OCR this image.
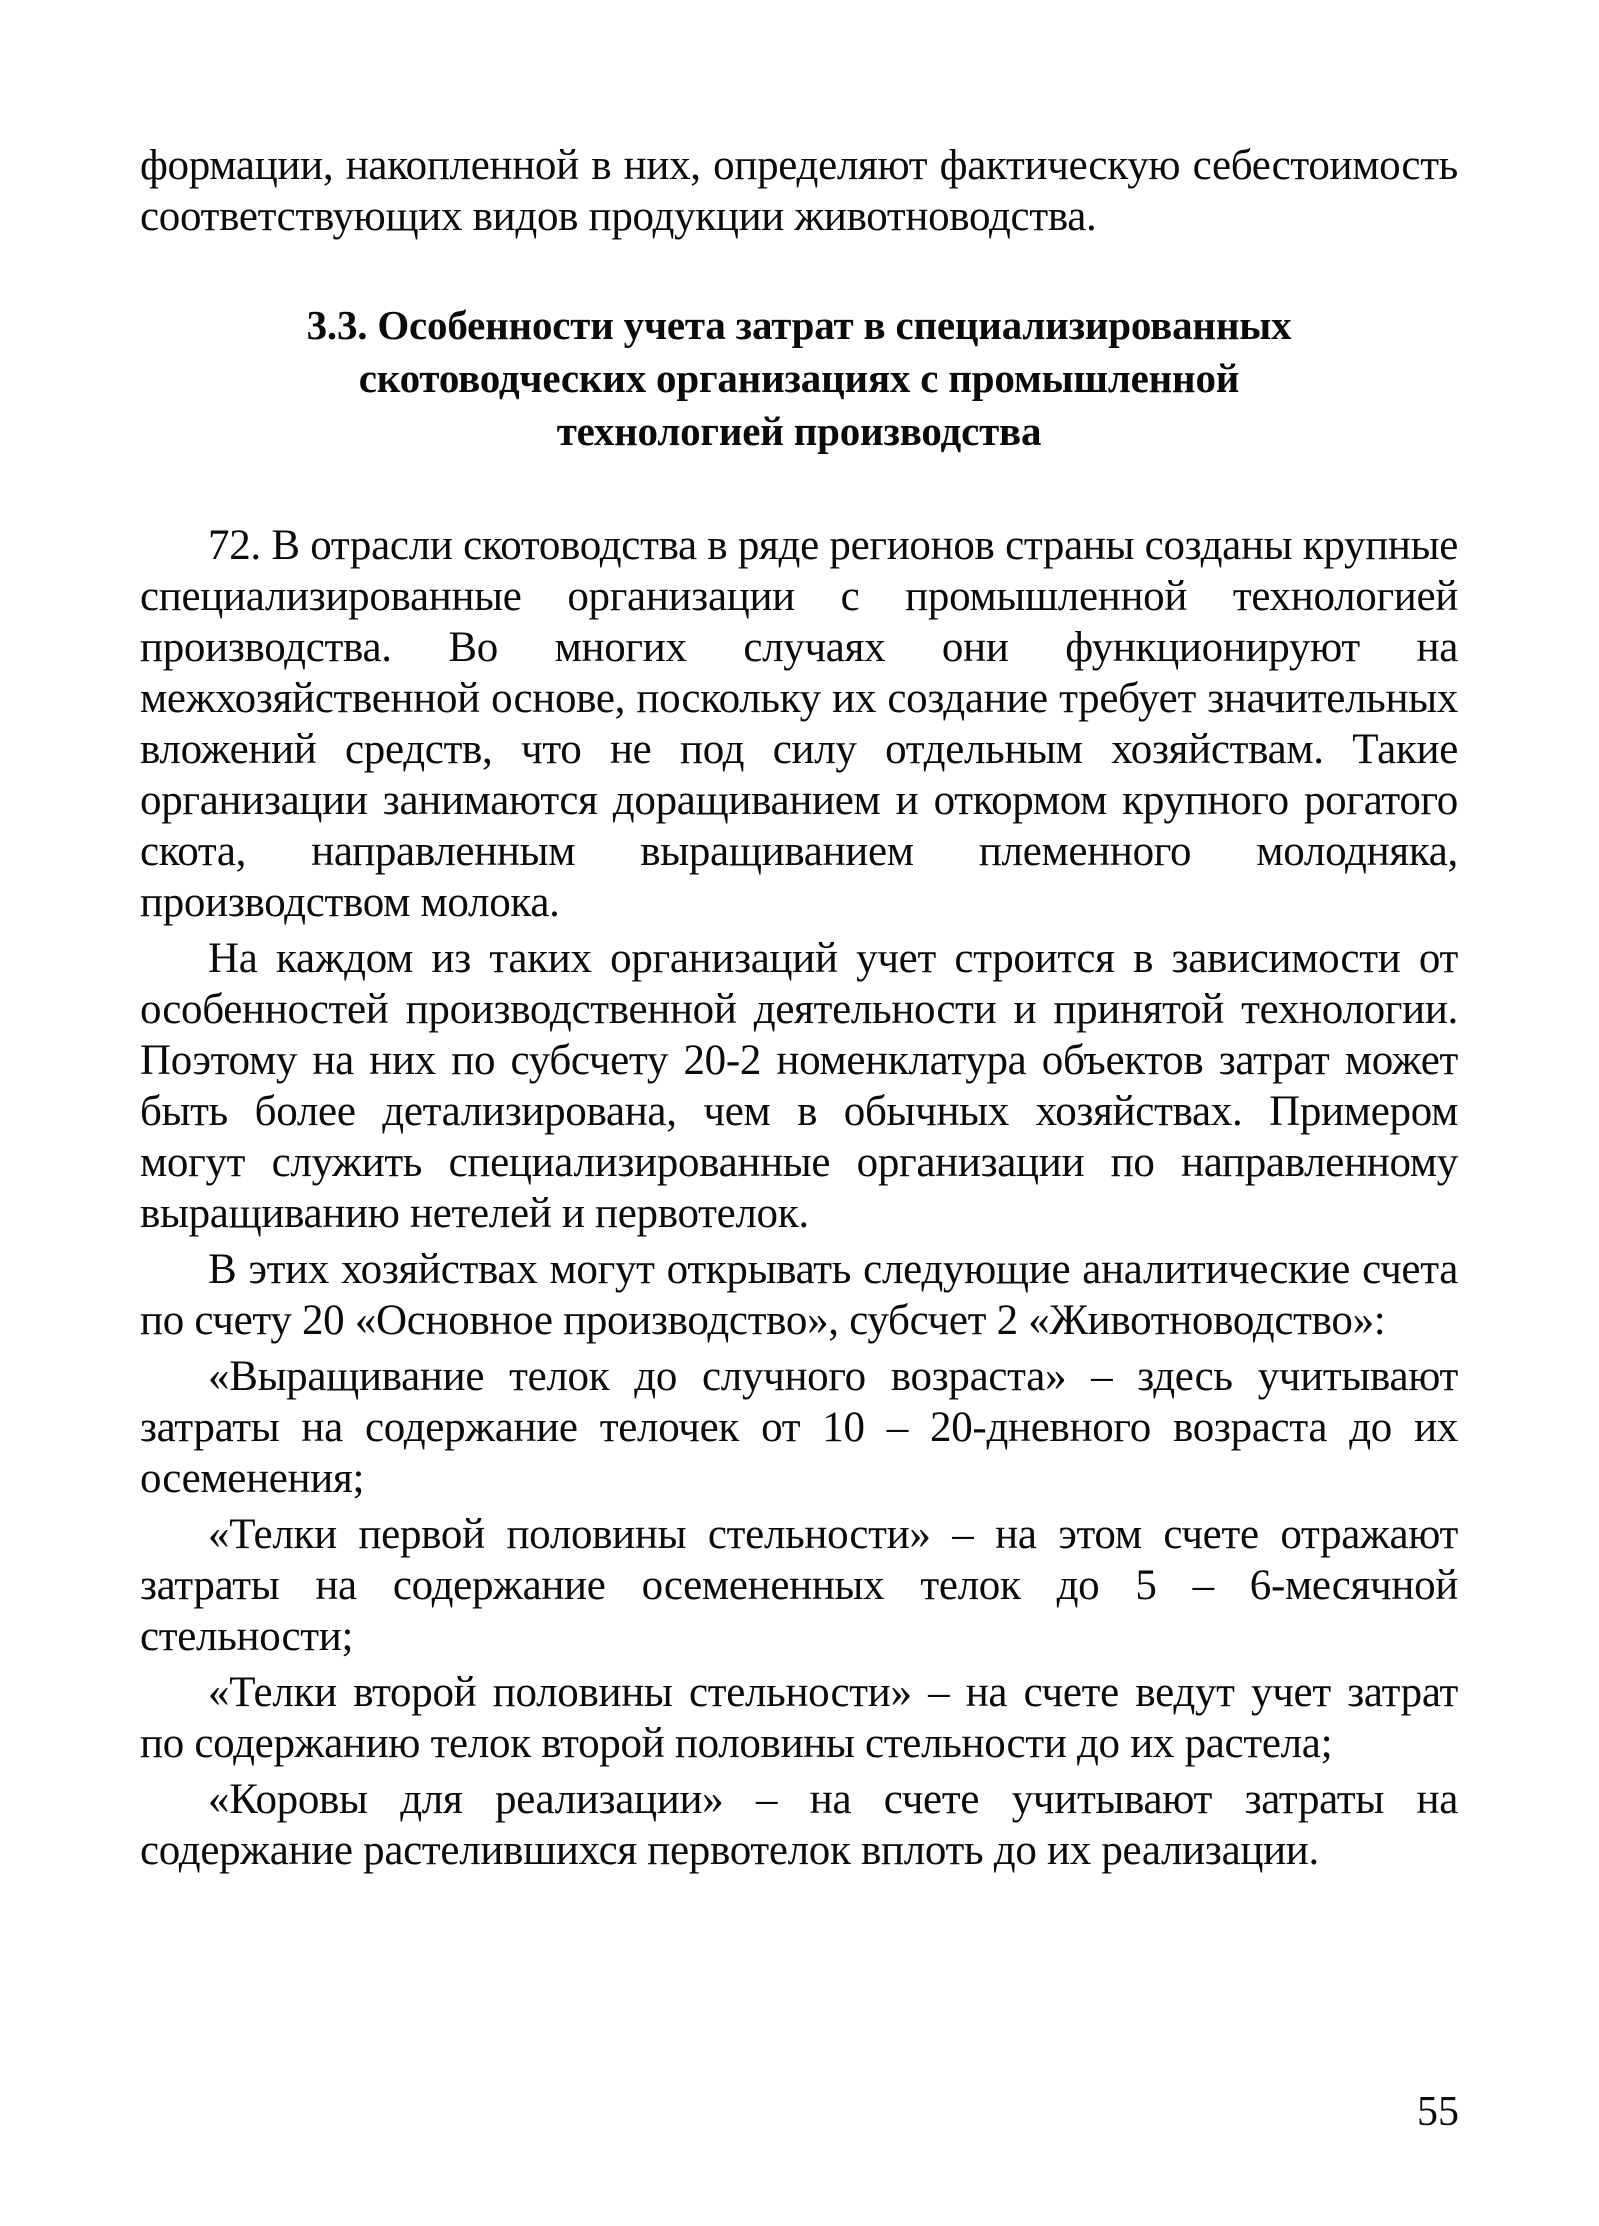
формации, накопленной в них, определяют фактическую себестоимость соответствующих видов продукции животноводства.

3.3. Особенности учета затрат в специализированных
скотоводческих организациях с промышленной
технологией производства

72. В отрасли скотоводства в ряде регионов страны созданы крупные специализированные организации с промышленной технологией производства. Во многих случаях они функционируют на межхозяйственной основе, поскольку их создание требует значительных вложений средств, что не под силу отдельным хозяйствам. Такие организации занимаются доращиванием и откормом крупного рогатого скота, направленным выращиванием племенного молодняка, производством молока.

На каждом из таких организаций учет строится в зависимости от особенностей производственной деятельности и принятой технологии. Поэтому на них по субсчету 20-2 номенклатура объектов затрат может быть более детализирована, чем в обычных хозяйствах. Примером могут служить специализированные организации по направленному выращиванию нетелей и первотелок.

В этих хозяйствах могут открывать следующие аналитические счета по счету 20 «Основное производство», субсчет 2 «Животноводство»:

«Выращивание телок до случного возраста» – здесь учитывают затраты на содержание телочек от 10 – 20-дневного возраста до их осеменения;

«Телки первой половины стельности» – на этом счете отражают затраты на содержание осемененных телок до 5 – 6-месячной стельности;

«Телки второй половины стельности» – на счете ведут учет затрат по содержанию телок второй половины стельности до их растела;

«Коровы для реализации» – на счете учитывают затраты на содержание растелившихся первотелок вплоть до их реализации.

55
